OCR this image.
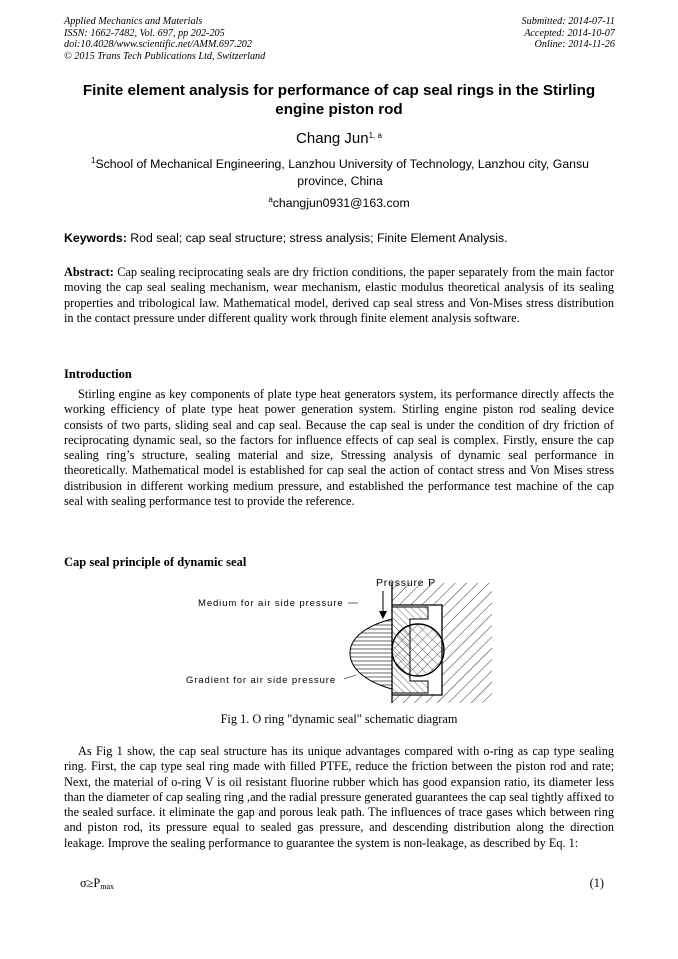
Applied Mechanics and Materials
ISSN: 1662-7482, Vol. 697, pp 202-205
doi:10.4028/www.scientific.net/AMM.697.202
© 2015 Trans Tech Publications Ltd, Switzerland
Submitted: 2014-07-11
Accepted: 2014-10-07
Online: 2014-11-26
Finite element analysis for performance of cap seal rings in the Stirling engine piston rod
Chang Jun$^{1, a}$
$^1$School of Mechanical Engineering, Lanzhou University of Technology, Lanzhou city, Gansu province, China
$^a$changjun0931@163.com
Keywords: Rod seal; cap seal structure; stress analysis; Finite Element Analysis.
Abstract: Cap sealing reciprocating seals are dry friction conditions, the paper separately from the main factor moving the cap seal sealing mechanism, wear mechanism, elastic modulus theoretical analysis of its sealing properties and tribological law. Mathematical model, derived cap seal stress and Von-Mises stress distribution in the contact pressure under different quality work through finite element analysis software.
Introduction
Stirling engine as key components of plate type heat generators system, its performance directly affects the working efficiency of plate type heat power generation system. Stirling engine piston rod sealing device consists of two parts, sliding seal and cap seal. Because the cap seal is under the condition of dry friction of reciprocating dynamic seal, so the factors for influence effects of cap seal is complex. Firstly, ensure the cap sealing ring’s structure, sealing material and size, Stressing analysis of dynamic seal performance in theoretically. Mathematical model is established for cap seal the action of contact stress and Von Mises stress distribusion in different working medium pressure, and established the performance test machine of the cap seal with sealing performance test to provide the reference.
Cap seal principle of dynamic seal
Pressure P
Medium for air side pressure
Gradient for air side pressure
Fig 1. O ring "dynamic seal" schematic diagram
As Fig 1 show, the cap seal structure has its unique advantages compared with o-ring as cap type sealing ring. First, the cap type seal ring made with filled PTFE, reduce the friction between the piston rod and rate; Next, the material of o-ring V is oil resistant fluorine rubber which has good expansion ratio, its diameter less than the diameter of cap sealing ring ,and the radial pressure generated guarantees the cap seal tightly affixed to the sealed surface. it eliminate the gap and porous leak path. The influences of trace gases which between ring and piston rod, its pressure equal to sealed gas pressure, and descending distribution along the direction leakage. Improve the sealing performance to guarantee the system is non-leakage, as described by Eq. 1:
$\sigma\ge P_{max}$	(1)
